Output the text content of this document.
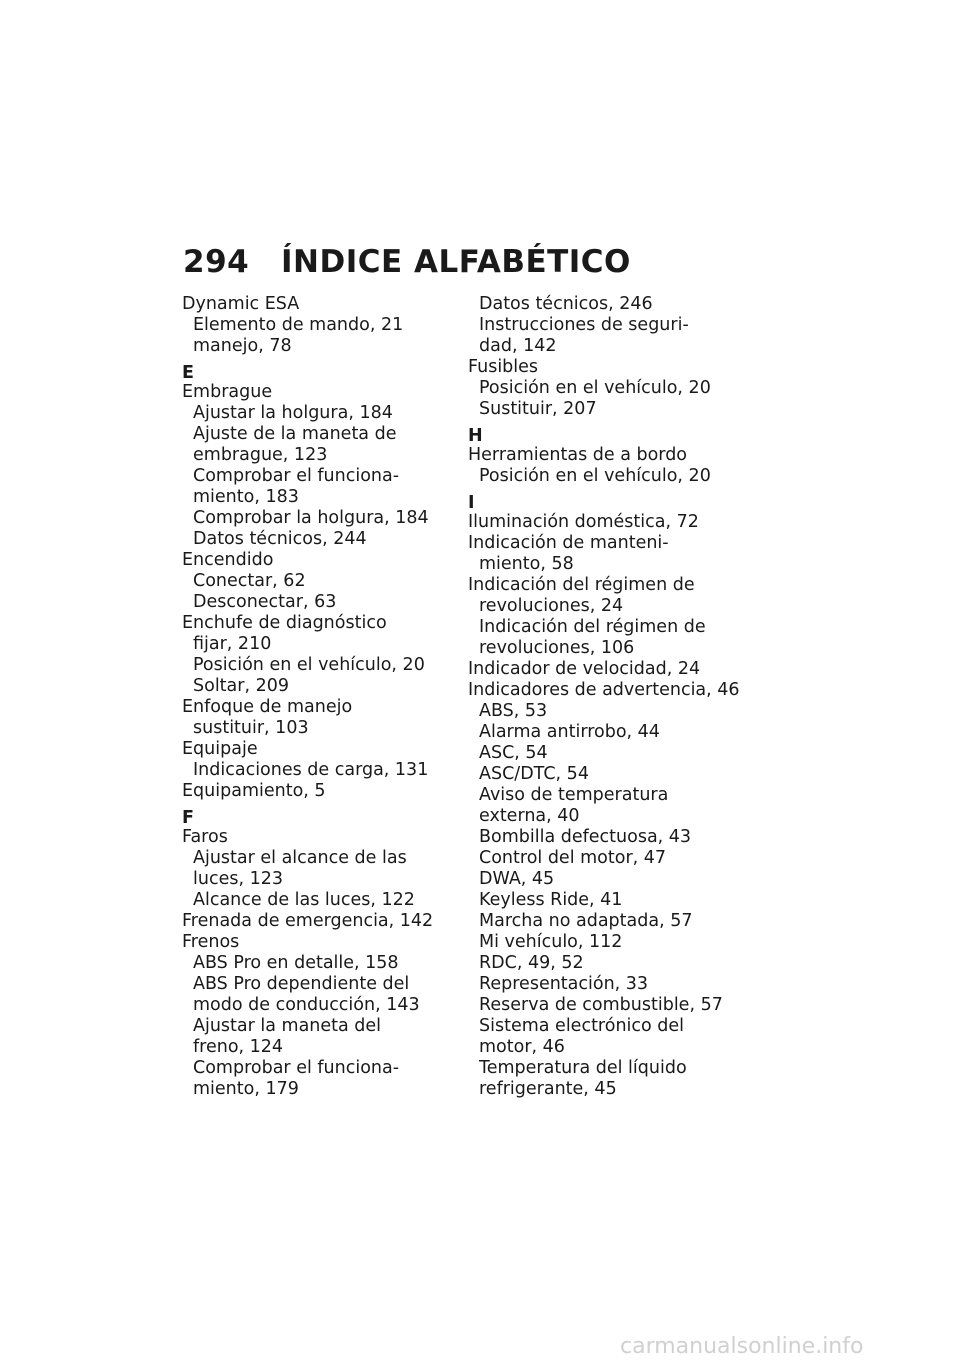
294 ÍNDICE ALFABÉTICO
Dynamic ESA
Elemento de mando, 21
manejo, 78
E
Embrague
Ajustar la holgura, 184
Ajuste de la maneta de
embrague, 123
Comprobar el funciona-
miento, 183
Comprobar la holgura, 184
Datos técnicos, 244
Encendido
Conectar, 62
Desconectar, 63
Enchufe de diagnóstico
fijar, 210
Posición en el vehículo, 20
Soltar, 209
Enfoque de manejo
sustituir, 103
Equipaje
Indicaciones de carga, 131
Equipamiento, 5
F
Faros
Ajustar el alcance de las
luces, 123
Alcance de las luces, 122
Frenada de emergencia, 142
Frenos
ABS Pro en detalle, 158
ABS Pro dependiente del
modo de conducción, 143
Ajustar la maneta del
freno, 124
Comprobar el funciona-
miento, 179
Datos técnicos, 246
Instrucciones de seguri-
dad, 142
Fusibles
Posición en el vehículo, 20
Sustituir, 207
H
Herramientas de a bordo
Posición en el vehículo, 20
I
Iluminación doméstica, 72
Indicación de manteni-
miento, 58
Indicación del régimen de
revoluciones, 24
Indicación del régimen de
revoluciones, 106
Indicador de velocidad, 24
Indicadores de advertencia, 46
ABS, 53
Alarma antirrobo, 44
ASC, 54
ASC/DTC, 54
Aviso de temperatura
externa, 40
Bombilla defectuosa, 43
Control del motor, 47
DWA, 45
Keyless Ride, 41
Marcha no adaptada, 57
Mi vehículo, 112
RDC, 49, 52
Representación, 33
Reserva de combustible, 57
Sistema electrónico del
motor, 46
Temperatura del líquido
refrigerante, 45
carmanualsonline.info
